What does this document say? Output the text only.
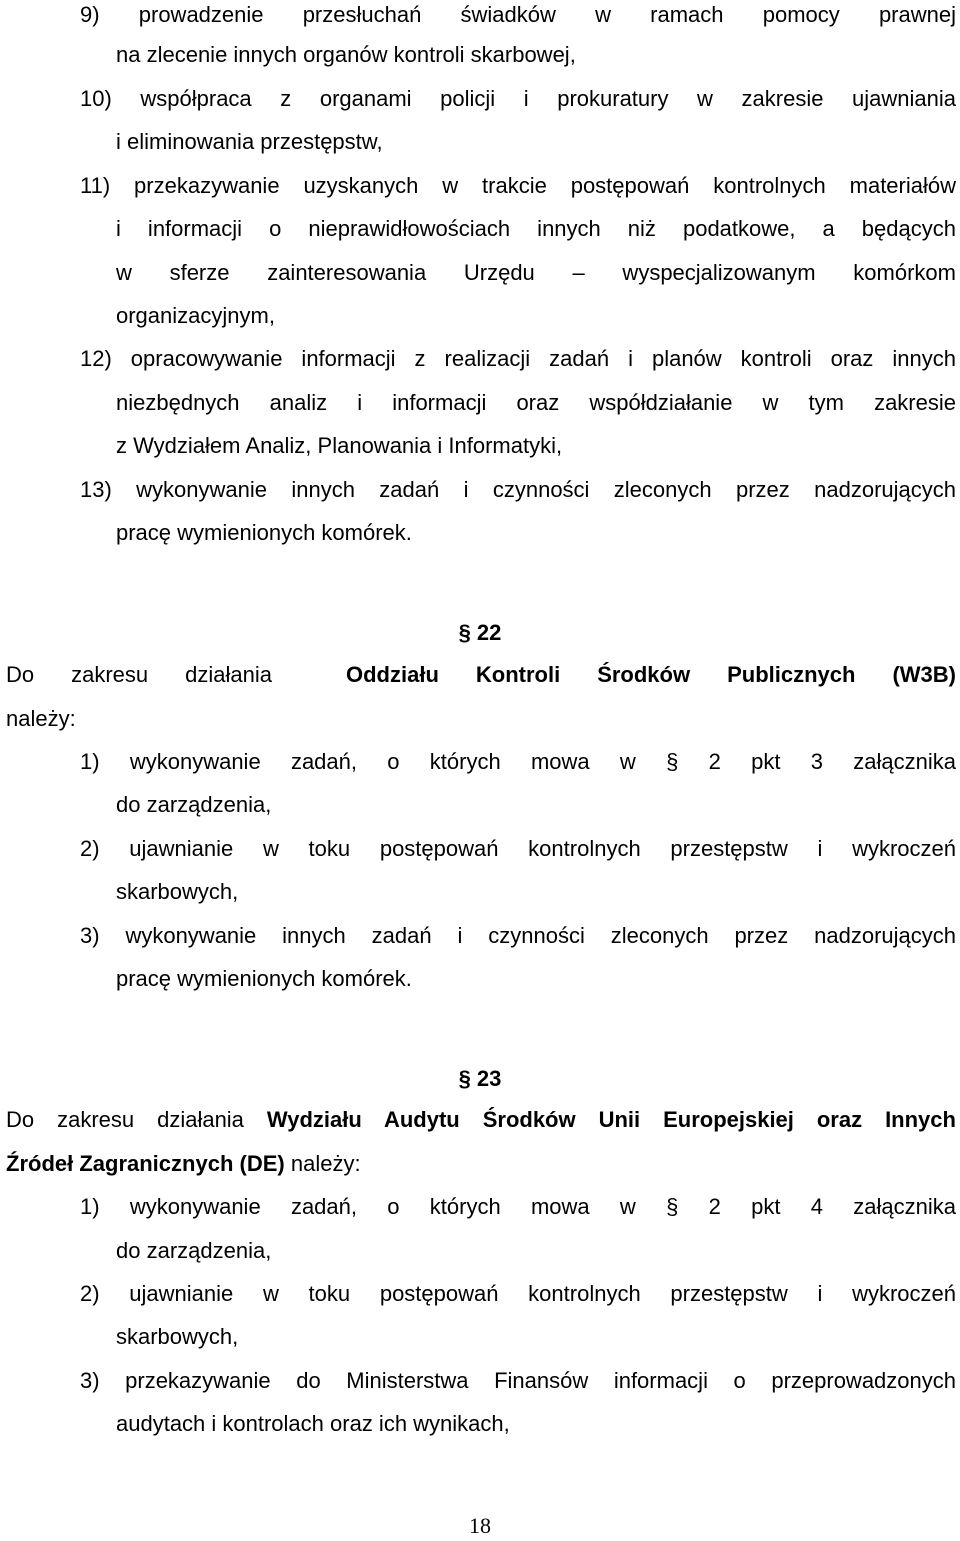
9) prowadzenie przesłuchań świadków w ramach pomocy prawnej
na zlecenie innych organów kontroli skarbowej,
10) współpraca z organami policji i prokuratury w zakresie ujawniania
i eliminowania przestępstw,
11) przekazywanie uzyskanych w trakcie postępowań kontrolnych materiałów
i informacji o nieprawidłowościach innych niż podatkowe, a będących
w sferze zainteresowania Urzędu – wyspecjalizowanym komórkom
organizacyjnym,
12) opracowywanie informacji z realizacji zadań i planów kontroli oraz innych
niezbędnych analiz i informacji oraz współdziałanie w tym zakresie
z Wydziałem Analiz, Planowania i Informatyki,
13) wykonywanie innych zadań i czynności zleconych przez nadzorujących
pracę wymienionych komórek.
§ 22
Do zakresu działania	Oddziału Kontroli Środków Publicznych (W3B)
należy:
1) wykonywanie zadań, o których mowa w § 2 pkt 3 załącznika
do zarządzenia,
2) ujawnianie w toku postępowań kontrolnych przestępstw i wykroczeń
skarbowych,
3) wykonywanie innych zadań i czynności zleconych przez nadzorujących
pracę wymienionych komórek.
§ 23
Do zakresu działania Wydziału Audytu Środków Unii Europejskiej oraz Innych
Źródeł Zagranicznych (DE) należy:
1) wykonywanie zadań, o których mowa w § 2 pkt 4 załącznika
do zarządzenia,
2) ujawnianie w toku postępowań kontrolnych przestępstw i wykroczeń
skarbowych,
3) przekazywanie do Ministerstwa Finansów informacji o przeprowadzonych
audytach i kontrolach oraz ich wynikach,
18
